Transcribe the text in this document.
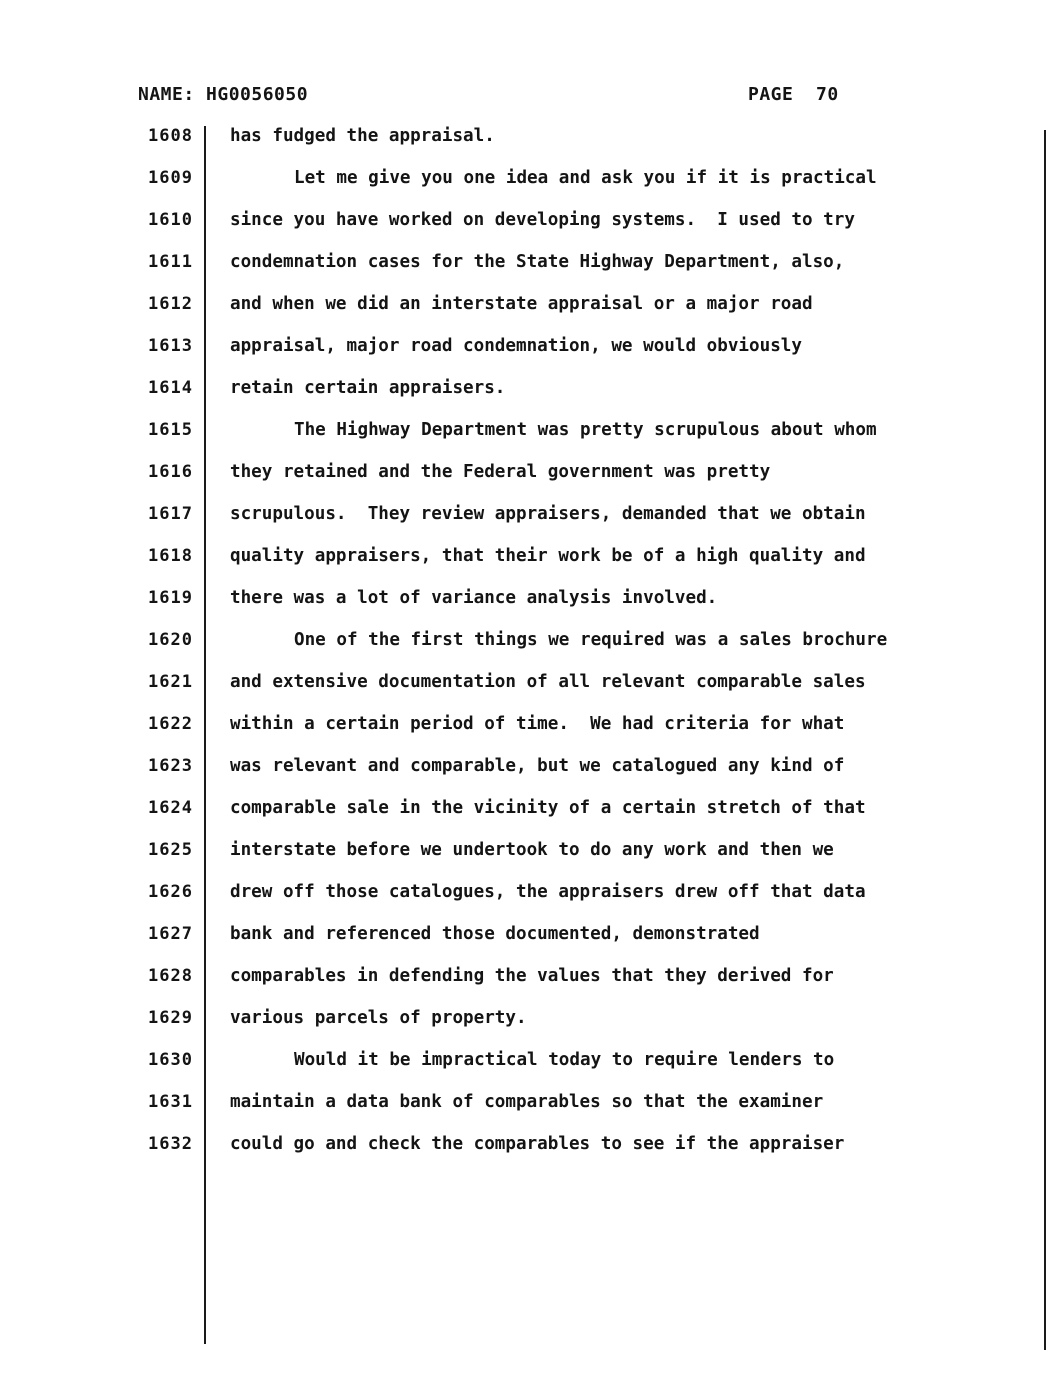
NAME: HG0056050	PAGE 70
1608	has fudged the appraisal.
1609	Let me give you one idea and ask you if it is practical
1610	since you have worked on developing systems.  I used to try
1611	condemnation cases for the State Highway Department, also,
1612	and when we did an interstate appraisal or a major road
1613	appraisal, major road condemnation, we would obviously
1614	retain certain appraisers.
1615	The Highway Department was pretty scrupulous about whom
1616	they retained and the Federal government was pretty
1617	scrupulous.  They review appraisers, demanded that we obtain
1618	quality appraisers, that their work be of a high quality and
1619	there was a lot of variance analysis involved.
1620	One of the first things we required was a sales brochure
1621	and extensive documentation of all relevant comparable sales
1622	within a certain period of time.  We had criteria for what
1623	was relevant and comparable, but we catalogued any kind of
1624	comparable sale in the vicinity of a certain stretch of that
1625	interstate before we undertook to do any work and then we
1626	drew off those catalogues, the appraisers drew off that data
1627	bank and referenced those documented, demonstrated
1628	comparables in defending the values that they derived for
1629	various parcels of property.
1630	Would it be impractical today to require lenders to
1631	maintain a data bank of comparables so that the examiner
1632	could go and check the comparables to see if the appraiser
